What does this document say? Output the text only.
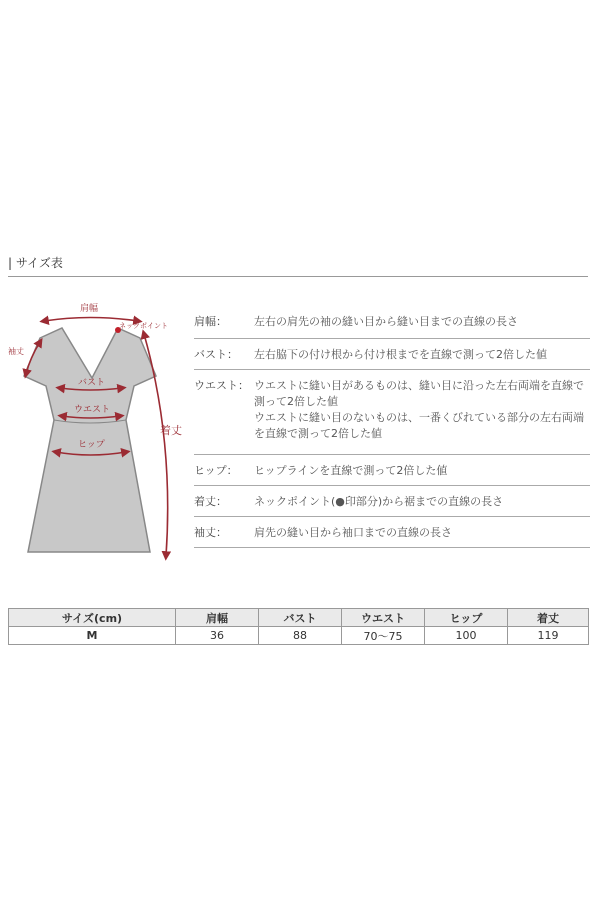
| サイズ表
肩幅
ネックポイント
袖丈
バスト
ウエスト
ヒップ
着丈
肩幅：	左右の肩先の袖の縫い目から縫い目までの直線の長さ
バスト：	左右脇下の付け根から付け根までを直線で測って2倍した値
ウエスト： ウエストに縫い目があるものは、縫い目に沿った左右両端を直線で
測って2倍した値
ウエストに縫い目のないものは、一番くびれている部分の左右両端
を直線で測って2倍した値
ヒップ：	ヒップラインを直線で測って2倍した値
着丈：	ネックポイント(●印部分)から裾までの直線の長さ
袖丈：	肩先の縫い目から袖口までの直線の長さ
サイズ(cm)	肩幅	バスト	ウエスト	ヒップ	着丈
M	36	88	70〜75	100	119
